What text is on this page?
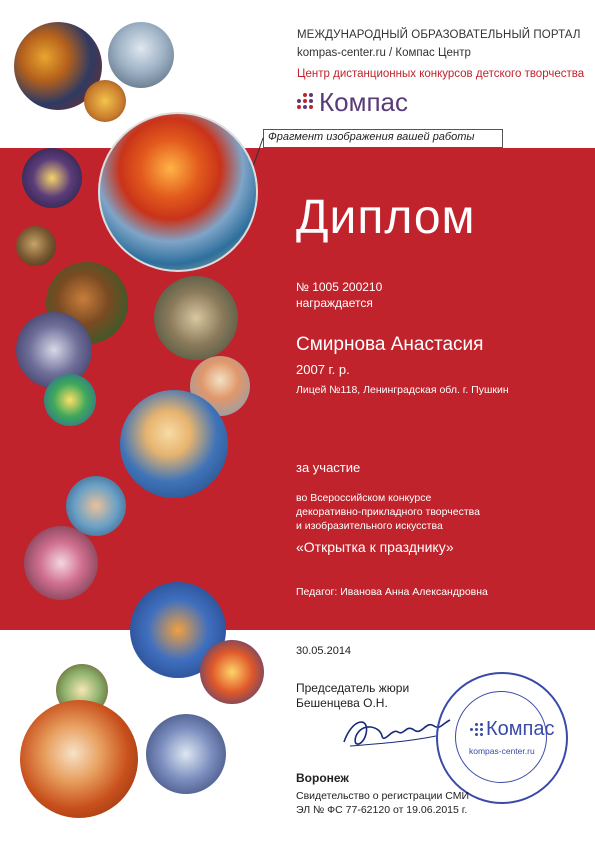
МЕЖДУНАРОДНЫЙ ОБРАЗОВАТЕЛЬНЫЙ ПОРТАЛ
kompas-center.ru / Компас Центр
Центр дистанционных конкурсов детского творчества
Компас
Фрагмент изображения вашей работы
Диплом
№ 1005 200210
награждается
Смирнова Анастасия
2007 г. р.
Лицей №118, Ленинградская обл. г. Пушкин
за участие
во Всероссийском конкурсе
декоративно-прикладного творчества
и изобразительного искусства
«Открытка к празднику»
Педагог: Иванова Анна Александровна
30.05.2014
Председатель жюри
Бешенцева О.Н.
Компас
kompas-center.ru
Воронеж
Свидетельство о регистрации СМИ
ЭЛ № ФС 77-62120 от 19.06.2015 г.
